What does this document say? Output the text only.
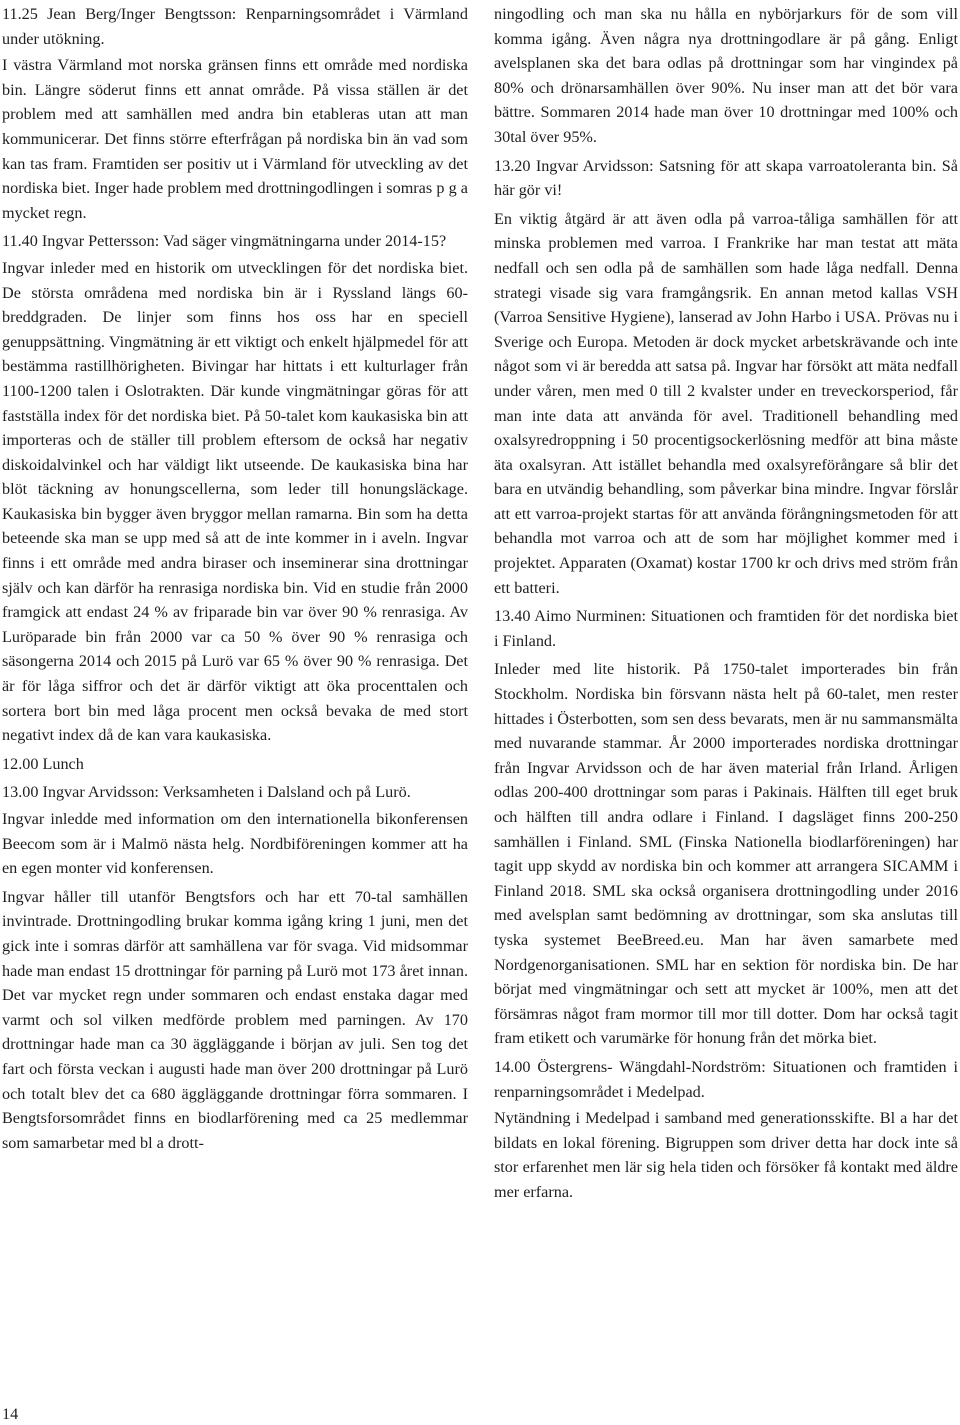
11.25 Jean Berg/Inger Bengtsson: Renparningsområdet i Värmland under utökning.

I västra Värmland mot norska gränsen finns ett område med nordiska bin. Längre söderut finns ett annat område. På vissa ställen är det problem med att samhällen med andra bin etableras utan att man kommunicerar. Det finns större efterfrågan på nordiska bin än vad som kan tas fram. Framtiden ser positiv ut i Värmland för utveckling av det nordiska biet. Inger hade problem med drottningodlingen i somras p g a mycket regn.

11.40 Ingvar Pettersson: Vad säger vingmätningarna under 2014-15?

Ingvar inleder med en historik om utvecklingen för det nordiska biet. De största områdena med nordiska bin är i Ryssland längs 60-breddgraden. De linjer som finns hos oss har en speciell genuppsättning. Vingmätning är ett viktigt och enkelt hjälpmedel för att bestämma rastillhörigheten. Bivingar har hittats i ett kulturlager från 1100-1200 talen i Oslotrakten. Där kunde vingmätningar göras för att fastställa index för det nordiska biet. På 50-talet kom kaukasiska bin att importeras och de ställer till problem eftersom de också har negativ diskoidalvinkel och har väldigt likt utseende. De kaukasiska bina har blöt täckning av honungscellerna, som leder till honungsläckage. Kaukasiska bin bygger även bryggor mellan ramarna. Bin som ha detta beteende ska man se upp med så att de inte kommer in i aveln. Ingvar finns i ett område med andra biraser och inseminerar sina drottningar själv och kan därför ha renrasiga nordiska bin. Vid en studie från 2000 framgick att endast 24 % av friparade bin var över 90 % renrasiga. Av Luröparade bin från 2000 var ca 50 % över 90 % renrasiga och säsongerna 2014 och 2015 på Lurö var 65 % över 90 % renrasiga. Det är för låga siffror och det är därför viktigt att öka procenttalen och sortera bort bin med låga procent men också bevaka de med stort negativt index då de kan vara kaukasiska.

12.00 Lunch

13.00 Ingvar Arvidsson: Verksamheten i Dalsland och på Lurö.

Ingvar inledde med information om den internationella bikonferensen Beecom som är i Malmö nästa helg. Nordbiföreningen kommer att ha en egen monter vid konferensen.

Ingvar håller till utanför Bengtsfors och har ett 70-tal samhällen invintrade. Drottningodling brukar komma igång kring 1 juni, men det gick inte i somras därför att samhällena var för svaga. Vid midsommar hade man endast 15 drottningar för parning på Lurö mot 173 året innan. Det var mycket regn under sommaren och endast enstaka dagar med varmt och sol vilken medförde problem med parningen. Av 170 drottningar hade man ca 30 äggläggande i början av juli. Sen tog det fart och första veckan i augusti hade man över 200 drottningar på Lurö och totalt blev det ca 680 äggläggande drottningar förra sommaren. I Bengtsforsområdet finns en biodlarförening med ca 25 medlemmar som samarbetar med bl a drott-

ningodling och man ska nu hålla en nybörjarkurs för de som vill komma igång. Även några nya drottningodlare är på gång. Enligt avelsplanen ska det bara odlas på drottningar som har vingindex på 80% och drönarsamhällen över 90%. Nu inser man att det bör vara bättre. Sommaren 2014 hade man över 10 drottningar med 100% och 30tal över 95%.

13.20 Ingvar Arvidsson: Satsning för att skapa varroatoleranta bin. Så här gör vi!

En viktig åtgärd är att även odla på varroa-tåliga samhällen för att minska problemen med varroa. I Frankrike har man testat att mäta nedfall och sen odla på de samhällen som hade låga nedfall. Denna strategi visade sig vara framgångsrik. En annan metod kallas VSH (Varroa Sensitive Hygiene), lanserad av John Harbo i USA. Prövas nu i Sverige och Europa. Metoden är dock mycket arbetskrävande och inte något som vi är beredda att satsa på. Ingvar har försökt att mäta nedfall under våren, men med 0 till 2 kvalster under en treveckorsperiod, får man inte data att använda för avel. Traditionell behandling med oxalsyredroppning i 50 procentigsockerlösning medför att bina måste äta oxalsyran. Att istället behandla med oxalsyreförångare så blir det bara en utvändig behandling, som påverkar bina mindre. Ingvar förslår att ett varroa-projekt startas för att använda förångningsmetoden för att behandla mot varroa och att de som har möjlighet kommer med i projektet. Apparaten (Oxamat) kostar 1700 kr och drivs med ström från ett batteri.

13.40 Aimo Nurminen: Situationen och framtiden för det nordiska biet i Finland.

Inleder med lite historik. På 1750-talet importerades bin från Stockholm. Nordiska bin försvann nästa helt på 60-talet, men rester hittades i Österbotten, som sen dess bevarats, men är nu sammansmälta med nuvarande stammar. År 2000 importerades nordiska drottningar från Ingvar Arvidsson och de har även material från Irland. Årligen odlas 200-400 drottningar som paras i Pakinais. Hälften till eget bruk och hälften till andra odlare i Finland. I dagsläget finns 200-250 samhällen i Finland. SML (Finska Nationella biodlarföreningen) har tagit upp skydd av nordiska bin och kommer att arrangera SICAMM i Finland 2018. SML ska också organisera drottningodling under 2016 med avelsplan samt bedömning av drottningar, som ska anslutas till tyska systemet BeeBreed.eu. Man har även samarbete med Nordgenorganisationen. SML har en sektion för nordiska bin. De har börjat med vingmätningar och sett att mycket är 100%, men att det försämras något fram mormor till mor till dotter. Dom har också tagit fram etikett och varumärke för honung från det mörka biet.

14.00 Östergrens- Wängdahl-Nordström: Situationen och framtiden i renparningsområdet i Medelpad.

Nytändning i Medelpad i samband med generationsskifte. Bl a har det bildats en lokal förening. Bigruppen som driver detta har dock inte så stor erfarenhet men lär sig hela tiden och försöker få kontakt med äldre mer erfarna.

14
